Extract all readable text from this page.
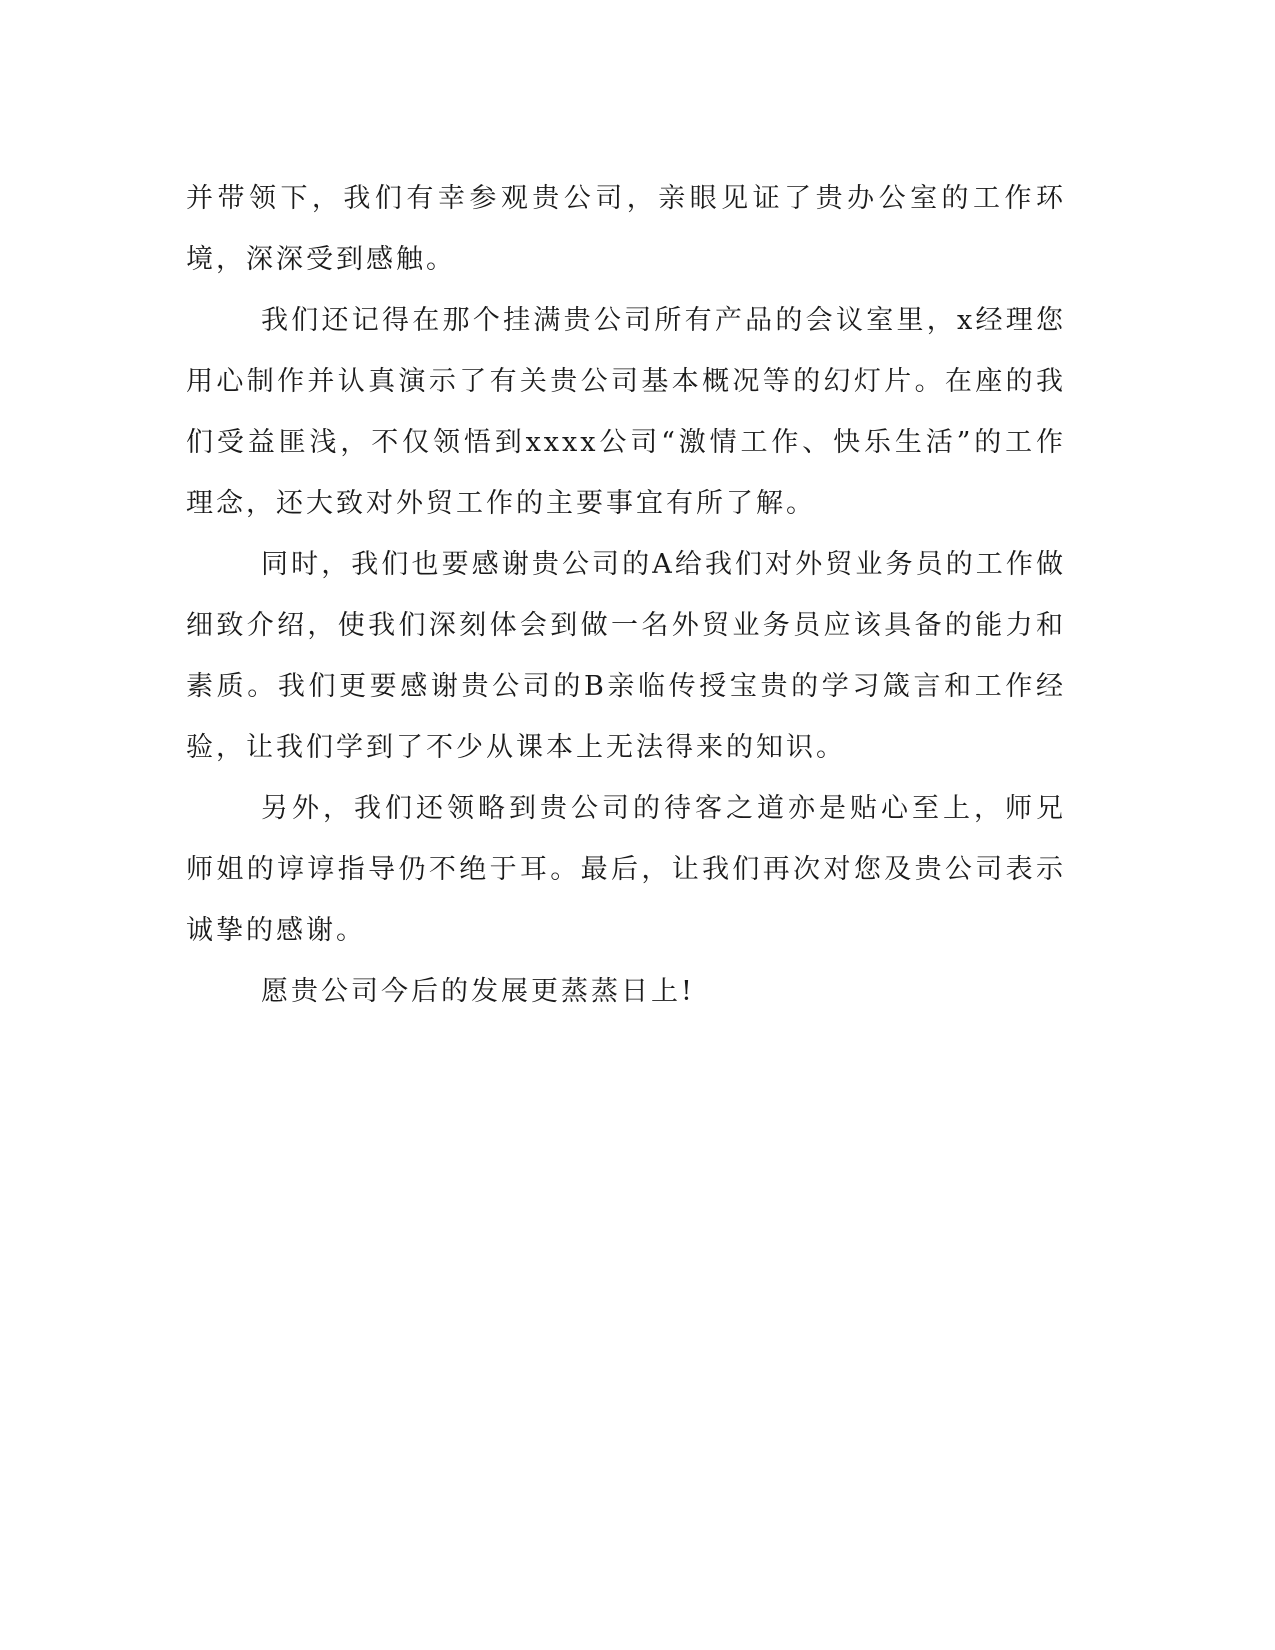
并带领下，我们有幸参观贵公司，亲眼见证了贵办公室的工作环境，深深受到感触。

我们还记得在那个挂满贵公司所有产品的会议室里，x经理您用心制作并认真演示了有关贵公司基本概况等的幻灯片。在座的我们受益匪浅，不仅领悟到xxxx公司“激情工作、快乐生活”的工作理念，还大致对外贸工作的主要事宜有所了解。

同时，我们也要感谢贵公司的A给我们对外贸业务员的工作做细致介绍，使我们深刻体会到做一名外贸业务员应该具备的能力和素质。我们更要感谢贵公司的B亲临传授宝贵的学习箴言和工作经验，让我们学到了不少从课本上无法得来的知识。

另外，我们还领略到贵公司的待客之道亦是贴心至上，师兄师姐的谆谆指导仍不绝于耳。最后，让我们再次对您及贵公司表示诚挚的感谢。

愿贵公司今后的发展更蒸蒸日上!
